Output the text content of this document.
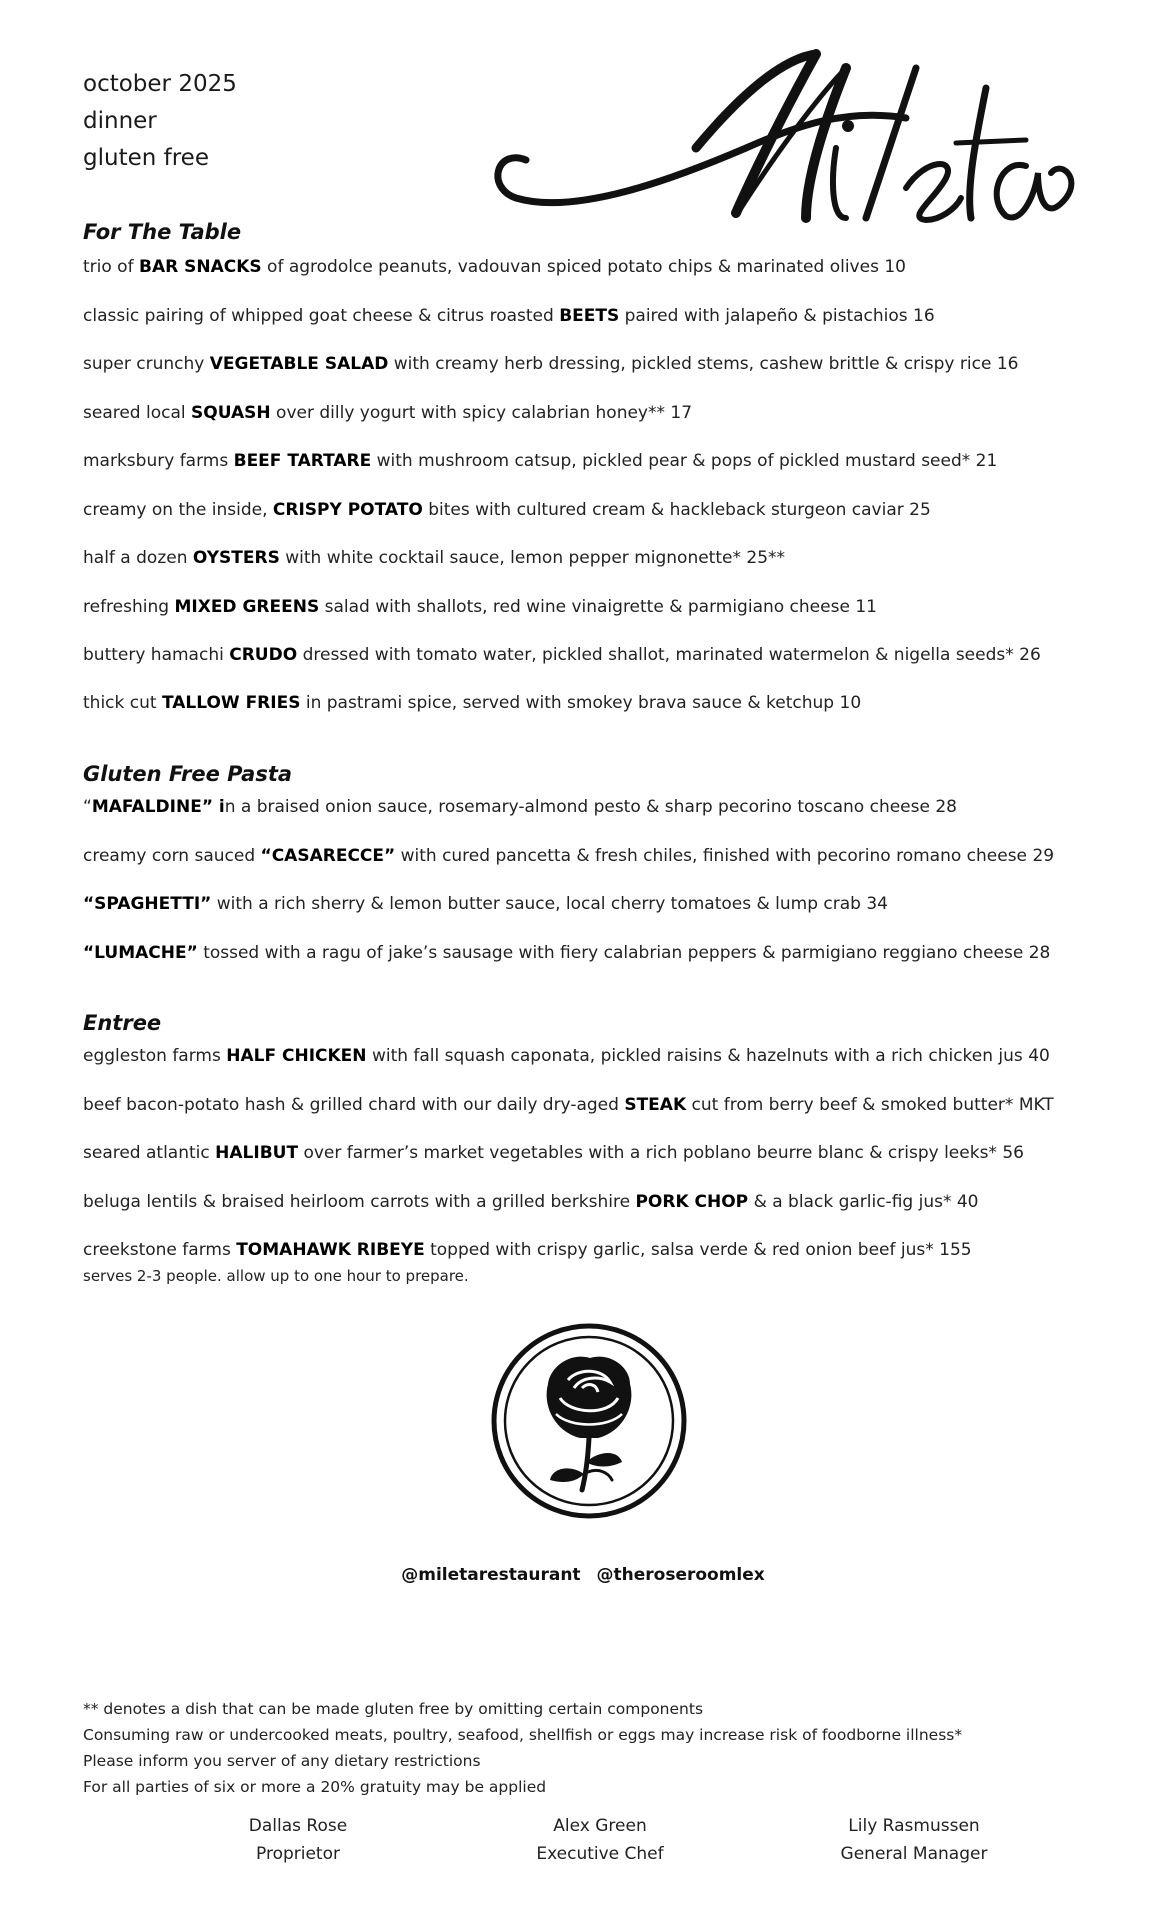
october 2025
dinner
gluten free
For The Table
trio of BAR SNACKS of agrodolce peanuts, vadouvan spiced potato chips & marinated olives 10
classic pairing of whipped goat cheese & citrus roasted BEETS paired with jalapeño & pistachios 16
super crunchy VEGETABLE SALAD with creamy herb dressing, pickled stems, cashew brittle & crispy rice 16
seared local SQUASH over dilly yogurt with spicy calabrian honey** 17
marksbury farms BEEF TARTARE with mushroom catsup, pickled pear & pops of pickled mustard seed* 21
creamy on the inside, CRISPY POTATO bites with cultured cream & hackleback sturgeon caviar 25
half a dozen OYSTERS with white cocktail sauce, lemon pepper mignonette* 25**
refreshing MIXED GREENS salad with shallots, red wine vinaigrette & parmigiano cheese 11
buttery hamachi CRUDO dressed with tomato water, pickled shallot, marinated watermelon & nigella seeds* 26
thick cut TALLOW FRIES in pastrami spice, served with smokey brava sauce & ketchup 10
Gluten Free Pasta
“MAFALDINE” in a braised onion sauce, rosemary-almond pesto & sharp pecorino toscano cheese 28
creamy corn sauced “CASARECCE” with cured pancetta & fresh chiles, finished with pecorino romano cheese 29
“SPAGHETTI” with a rich sherry & lemon butter sauce, local cherry tomatoes & lump crab 34
“LUMACHE” tossed with a ragu of jake’s sausage with fiery calabrian peppers & parmigiano reggiano cheese 28
Entree
eggleston farms HALF CHICKEN with fall squash caponata, pickled raisins & hazelnuts with a rich chicken jus 40
beef bacon-potato hash & grilled chard with our daily dry-aged STEAK cut from berry beef & smoked butter* MKT
seared atlantic HALIBUT over farmer’s market vegetables with a rich poblano beurre blanc & crispy leeks* 56
beluga lentils & braised heirloom carrots with a grilled berkshire PORK CHOP & a black garlic-fig jus* 40
creekstone farms TOMAHAWK RIBEYE topped with crispy garlic, salsa verde & red onion beef jus* 155
serves 2-3 people. allow up to one hour to prepare.
@miletarestaurant @theroseroomlex
** denotes a dish that can be made gluten free by omitting certain components
Consuming raw or undercooked meats, poultry, seafood, shellfish or eggs may increase risk of foodborne illness*
Please inform you server of any dietary restrictions
For all parties of six or more a 20% gratuity may be applied
Dallas Rose
Proprietor
Alex Green
Executive Chef
Lily Rasmussen
General Manager
